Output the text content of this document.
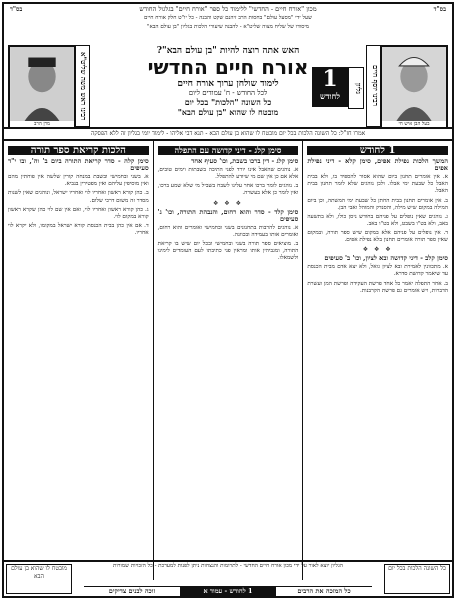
בס"ד	בס"ד
מכון "אורח חיים - החדשי" ללימוד כל ספר "אורח חיים" בגלגול החודש
שעל ידי "מסעל עולם" בחסות הרב זיהנם שקט והבנה - כל יו"ט חלק אורח חיים
מיסודו של שליח מצוה שליט"א - להבנה שיעורי הלכות בגליון "בן עולם הבא"
מרן הרב
רבינו ראש משה שליט"א
בעל הבן איש חי
רבינו יוסף חיים
1
לחודש
גליון
האש אתה רוצה להיות "בן עולם הבא"?
אורח חיים החדשי
לימוד שולחן ערוך אורח חיים
לכל החודש - ח' עמודים ליום
כל השונה "הלכות" בכל יום
מובטח לו שהוא "בן עולם הבא"
אמרו חז"ל: כל השונה הלכות בכל יום מובטח לו שהוא בן עולם הבא - תנא דבי אליהו - לימוד יומי בגליון זה ללא הפסקה
1 לחודש
המשך הלכות נפילת אפים, סימן קלא - דיני נפילת אפים

א. אין אומרים תחנון ביום שהוא אסור להספיד בו, ולא בבית האבל כל שבעת ימי אבלו. ולכן נוהגים שלא לומר תחנון בבית האבל.

ב. אין אומרים תחנון בבית החתן כל שבעת ימי המשתה, וכן ביום המילה במקום שיש מילה, והסנדק והמוהל ואבי הבן.

ג. נוהגים שאין נופלים על פניהם בחודש ניסן כולו, ולא בתשעה באב, ולא בט"ו בשבט, ולא בט"ו באב.

ד. אין נופלים על פניהם אלא במקום שיש ספר תורה, ובמקום שאין ספר תורה אומרים תחנון בלא נפילת אפים.

❖ ❖ ❖
סימן קלב - דיני קדושה ובא לציון, וכו' ב' סעיפים

א. מתכוונין לאמירת ובא לציון גואל, ולא יצא אדם מבית הכנסת עד שיאמר קדושת סדרא.

ב. אחר התפלה יאמר כל אחד פרשת העקידה ופרשת המן ועשרת הדברות, ויש אומרים גם פרשת הקרבנות.

סימן קלג - דיני קדושה עם התפלה
סימן קלג - דין ברכו בשבת, וכו' סעיף אחד

א. נוהגים שהאבל אינו יורד לפני התיבה בשבתות וימים טובים, אלא אם כן אין שם מי שיודע להתפלל.

ב. נוהגים לומר ברכו אחר עלינו לשבח בשביל מי שלא שמע ברכו, ואין לומר כן אלא בעשרה.

❖ ❖ ❖
סימן קלד - סדר והוא רחום, והנבהת התורה, וכו' ג' סעיפים

א. נוהגים להרבות בתחנונים בשני ובחמישי ואומרים והוא רחום, ואומרים אותו בעמידה ובכוונה.

ב. מוציאים ספר תורה בשני ובחמישי ובכל יום שיש בו קריאת התורה, ומגביהין אותו ומראין פני כתיבתו לעם העומדים לימינו ולשמאלו.

הלכות קריאת ספר תורה
סימן קלה - סדר קריאת התורה ביום ב' וה', ובו י"ד סעיפים

א. בשני ובחמישי ובשבת במנחה קורין שלשה אין פוחתין מהם ואין מוסיפין עליהם ואין מפטירין בנביא.

ב. כהן קורא ראשון ואחריו לוי ואחריו ישראל, ונוהגים שאין לשנות מסדר זה משום דרכי שלום.

ג. כהן קורא ראשון ואחריו לוי, ואם אין שם לוי כהן שקרא ראשון קורא במקום לוי.

ד. אם אין כהן בבית הכנסת קורא ישראל במקומו, ולא יקרא לוי אחריו.

מובטח לו שהוא בן עולם הבא
הגליון יוצא לאור על ידי מכון אורח חיים החדשי - לתרומות והנצחות ניתן לפנות למערכת - כל הזכויות שמורות	כל השונה הלכות בכל יום
זוכה לבנים צדיקים	1 לחודש - עמוד א	כל המזכה את הרבים
